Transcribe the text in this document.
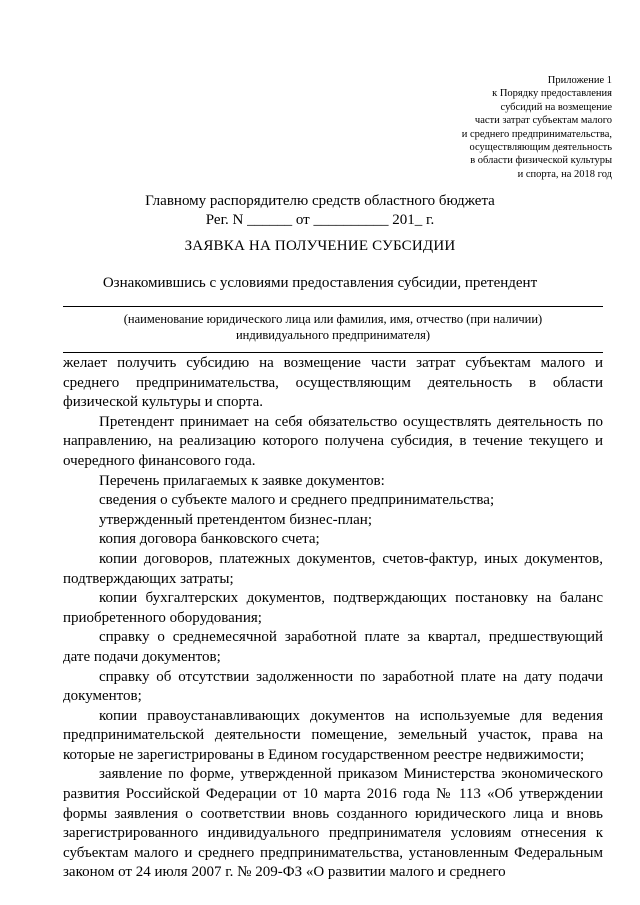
Приложение 1
к Порядку предоставления
субсидий на возмещение
части затрат субъектам малого
и среднего предпринимательства,
осуществляющим деятельность
в области физической культуры
и спорта, на 2018 год
Главному распорядителю средств областного бюджета
Рег. N ______ от __________ 201_ г.
ЗАЯВКА НА ПОЛУЧЕНИЕ СУБСИДИИ
Ознакомившись с условиями предоставления субсидии, претендент
(наименование юридического лица или фамилия, имя, отчество (при наличии)
индивидуального предпринимателя)

желает получить субсидию на возмещение части затрат субъектам малого и среднего предпринимательства, осуществляющим деятельность в области физической культуры и спорта.

Претендент принимает на себя обязательство осуществлять деятельность по направлению, на реализацию которого получена субсидия, в течение текущего и очередного финансового года.

Перечень прилагаемых к заявке документов:

сведения о субъекте малого и среднего предпринимательства;

утвержденный претендентом бизнес-план;

копия договора банковского счета;

копии договоров, платежных документов, счетов-фактур, иных документов, подтверждающих затраты;

копии бухгалтерских документов, подтверждающих постановку на баланс приобретенного оборудования;

справку о среднемесячной заработной плате за квартал, предшествующий дате подачи документов;

справку об отсутствии задолженности по заработной плате на дату подачи документов;

копии правоустанавливающих документов на используемые для ведения предпринимательской деятельности помещение, земельный участок, права на которые не зарегистрированы в Едином государственном реестре недвижимости;

заявление по форме, утвержденной приказом Министерства экономического развития Российской Федерации от 10 марта 2016 года № 113 «Об утверждении формы заявления о соответствии вновь созданного юридического лица и вновь зарегистрированного индивидуального предпринимателя условиям отнесения к субъектам малого и среднего предпринимательства, установленным Федеральным законом от 24 июля 2007 г. № 209-ФЗ «О развитии малого и среднего
